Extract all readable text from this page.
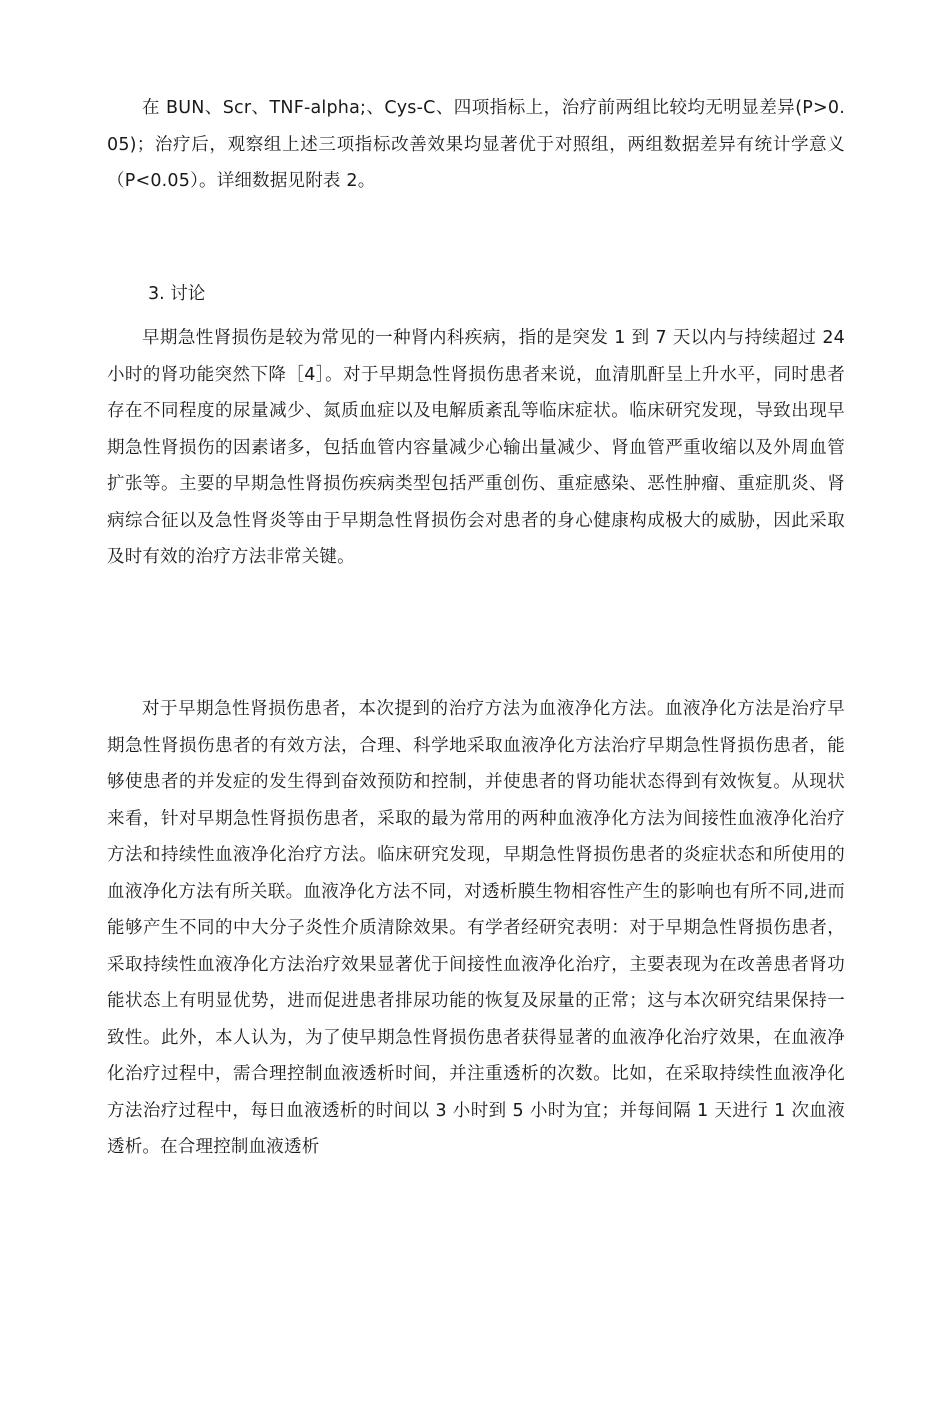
在 BUN、Scr、TNF-alpha;、Cys-C、四项指标上，治疗前两组比较均无明显差异(P>0.05)；治疗后，观察组上述三项指标改善效果均显著优于对照组，两组数据差异有统计学意义（P<0.05）。详细数据见附表 2。

3. 讨论

早期急性肾损伤是较为常见的一种肾内科疾病，指的是突发 1 到 7 天以内与持续超过 24 小时的肾功能突然下降［4］。对于早期急性肾损伤患者来说，血清肌酐呈上升水平，同时患者存在不同程度的尿量减少、氮质血症以及电解质紊乱等临床症状。临床研究发现，导致出现早期急性肾损伤的因素诸多，包括血管内容量减少心输出量减少、肾血管严重收缩以及外周血管扩张等。主要的早期急性肾损伤疾病类型包括严重创伤、重症感染、恶性肿瘤、重症肌炎、肾病综合征以及急性肾炎等由于早期急性肾损伤会对患者的身心健康构成极大的威胁，因此采取及时有效的治疗方法非常关键。

对于早期急性肾损伤患者，本次提到的治疗方法为血液净化方法。血液净化方法是治疗早期急性肾损伤患者的有效方法，合理、科学地采取血液净化方法治疗早期急性肾损伤患者，能够使患者的并发症的发生得到奋效预防和控制，并使患者的肾功能状态得到有效恢复。从现状来看，针对早期急性肾损伤患者，采取的最为常用的两种血液净化方法为间接性血液净化治疗方法和持续性血液净化治疗方法。临床研究发现，早期急性肾损伤患者的炎症状态和所使用的血液净化方法有所关联。血液净化方法不同，对透析膜生物相容性产生的影响也有所不同,进而能够产生不同的中大分子炎性介质清除效果。有学者经研究表明：对于早期急性肾损伤患者，采取持续性血液净化方法治疗效果显著优于间接性血液净化治疗，主要表现为在改善患者肾功能状态上有明显优势，进而促进患者排尿功能的恢复及尿量的正常；这与本次研究结果保持一致性。此外，本人认为，为了使早期急性肾损伤患者获得显著的血液净化治疗效果，在血液净化治疗过程中，需合理控制血液透析时间，并注重透析的次数。比如，在采取持续性血液净化方法治疗过程中，每日血液透析的时间以 3 小时到 5 小时为宜；并每间隔 1 天进行 1 次血液透析。在合理控制血液透析
